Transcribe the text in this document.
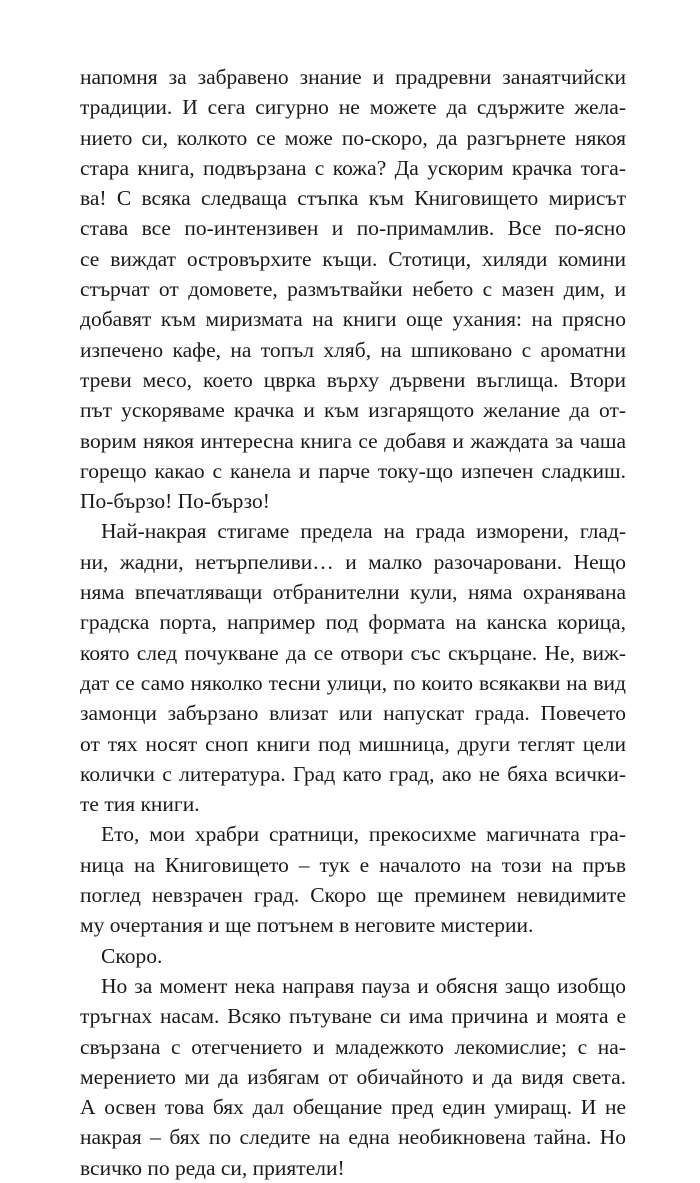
напомня за забравено знание и прадревни занаятчийски
традиции. И сега сигурно не можете да сдържите жела-
нието си, колкото се може по-скоро, да разгърнете някоя
стара книга, подвързана с кожа? Да ускорим крачка тога-
ва! С всяка следваща стъпка към Книговището мирисът
става все по-интензивен и по-примамлив. Все по-ясно
се виждат островърхите къщи. Стотици, хиляди комини
стърчат от домовете, размътвайки небето с мазен дим, и
добавят към миризмата на книги още ухания: на прясно
изпечено кафе, на топъл хляб, на шпиковано с ароматни
треви месо, което цврка върху дървени въглища. Втори
път ускоряваме крачка и към изгарящото желание да от-
ворим някоя интересна книга се добавя и жаждата за чаша
горещо какао с канела и парче току-що изпечен сладкиш.
По-бързо! По-бързо!
Най-накрая стигаме предела на града изморени, глад-
ни, жадни, нетърпеливи… и малко разочаровани. Нещо
няма впечатляващи отбранителни кули, няма охранявана
градска порта, например под формата на канска корица,
която след почукване да се отвори със скърцане. Не, виж-
дат се само няколко тесни улици, по които всякакви на вид
замонци забързано влизат или напускат града. Повечето
от тях носят сноп книги под мишница, други теглят цели
колички с литература. Град като град, ако не бяха всички-
те тия книги.
Ето, мои храбри сратници, прекосихме магичната гра-
ница на Книговището – тук е началото на този на пръв
поглед невзрачен град. Скоро ще преминем невидимите
му очертания и ще потънем в неговите мистерии.
Скоро.
Но за момент нека направя пауза и обясня защо изобщо
тръгнах насам. Всяко пътуване си има причина и моята е
свързана с отегчението и младежкото лекомислие; с на-
мерението ми да избягам от обичайното и да видя света.
А освен това бях дал обещание пред един умиращ. И не
накрая – бях по следите на една необикновена тайна. Но
всичко по реда си, приятели!
